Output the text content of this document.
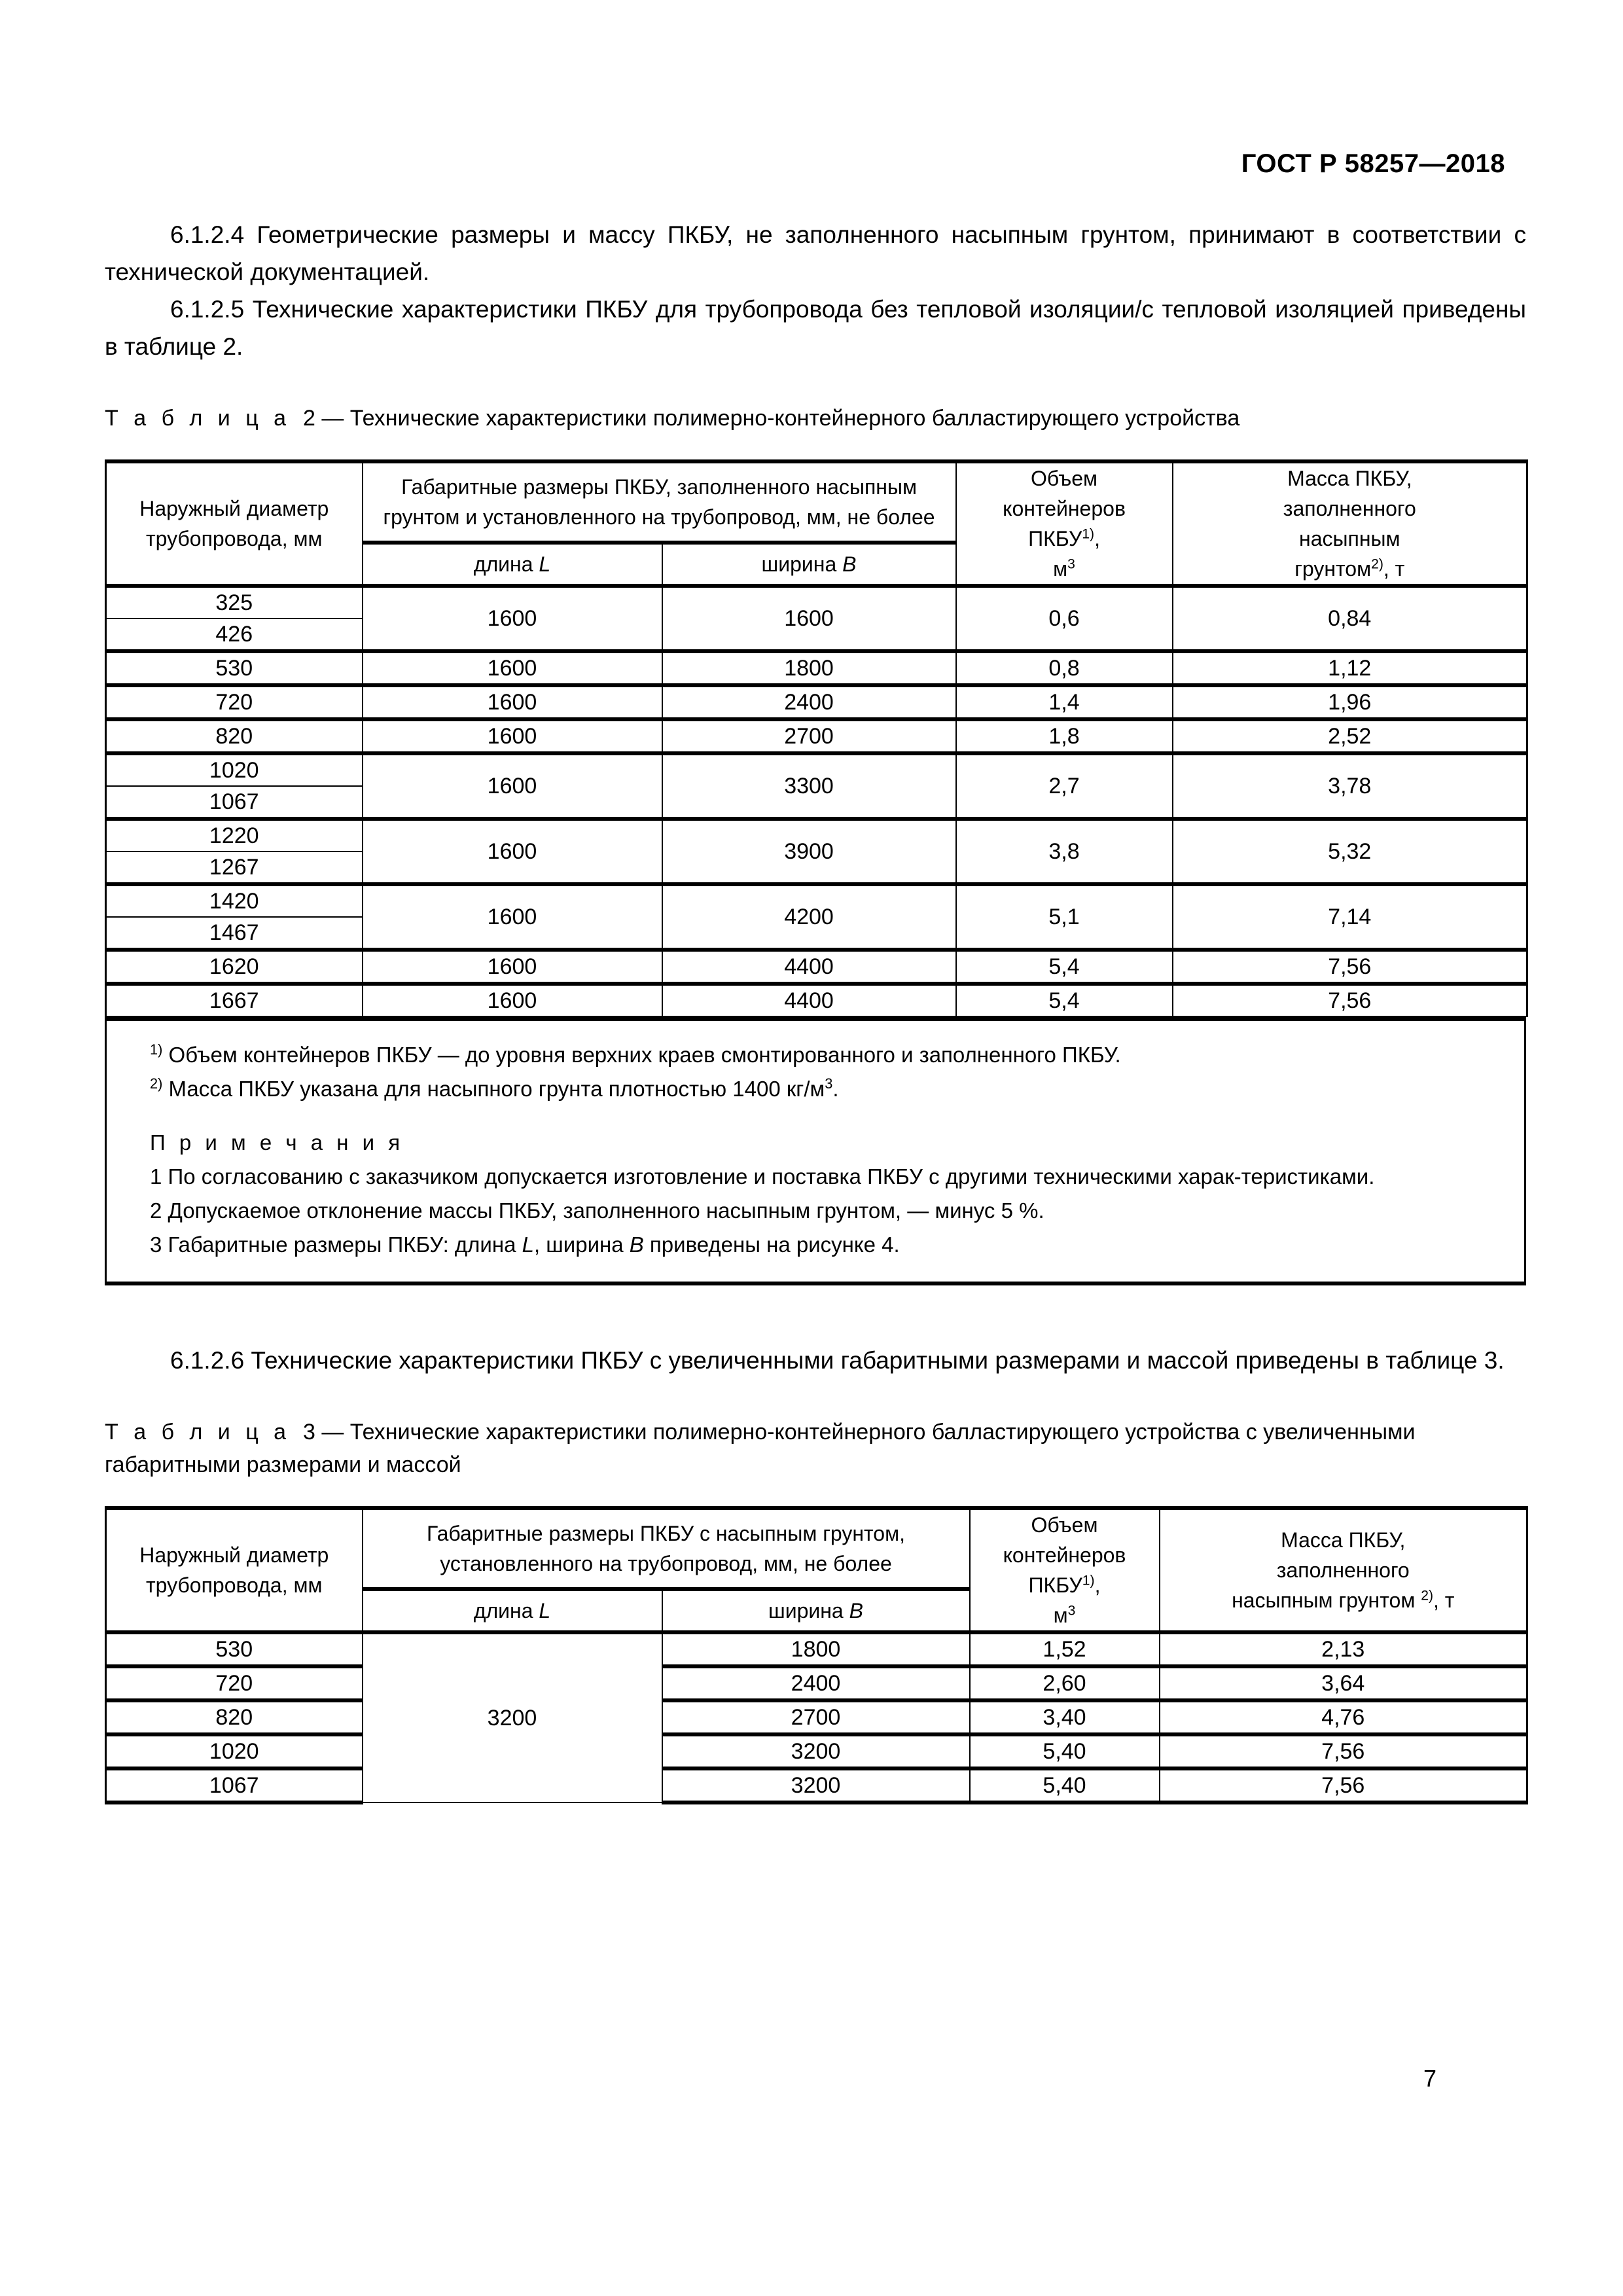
ГОСТ Р 58257—2018

6.1.2.4 Геометрические размеры и массу ПКБУ, не заполненного насыпным грунтом, принимают в соответствии с технической документацией.

6.1.2.5 Технические характеристики ПКБУ для трубопровода без тепловой изоляции/с тепловой изоляцией приведены в таблице 2.

Т а б л и ц а 2 — Технические характеристики полимерно-контейнерного балластирующего устройства

Наружный диаметр трубопровода, мм	Габаритные размеры ПКБУ, заполненного насыпным грунтом и установленного на трубопровод, мм, не более		Объем
контейнеров
ПКБУ$^{1)}$,
$м^3$	Масса ПКБУ,
заполненного
насыпным
грунтом$^{2)}$, т
	длина L	ширина B		
325	1600	1600	0,6	0,84
426				
530	1600	1800	0,8	1,12
720	1600	2400	1,4	1,96
820	1600	2700	1,8	2,52
1020	1600	3300	2,7	3,78
1067				
1220	1600	3900	3,8	5,32
1267				
1420	1600	4200	5,1	7,14
1467				
1620	1600	4400	5,4	7,56
1667	1600	4400	5,4	7,56

$^{1)}$ Объем контейнеров ПКБУ — до уровня верхних краев смонтированного и заполненного ПКБУ.

$^{2)}$ Масса ПКБУ указана для насыпного грунта плотностью 1400 $кг/м^3$.

П р и м е ч а н и я

1 По согласованию с заказчиком допускается изготовление и поставка ПКБУ с другими техническими харак-теристиками.

2 Допускаемое отклонение массы ПКБУ, заполненного насыпным грунтом, — минус 5 %.

3 Габаритные размеры ПКБУ: длина L, ширина B приведены на рисунке 4.

6.1.2.6 Технические характеристики ПКБУ с увеличенными габаритными размерами и массой приведены в таблице 3.

Т а б л и ц а 3 — Технические характеристики полимерно-контейнерного балластирующего устройства с увеличенными габаритными размерами и массой

Наружный диаметр трубопровода, мм	Габаритные размеры ПКБУ с насыпным грунтом, установленного на трубопровод, мм, не более		Объем
контейнеров
ПКБУ$^{1)}$,
$м^3$	Масса ПКБУ,
заполненного
насыпным грунтом $^{2)}$, т
	длина L	ширина B		
530	3200	1800	1,52	2,13
720		2400	2,60	3,64
820		2700	3,40	4,76
1020		3200	5,40	7,56
1067		3200	5,40	7,56
7
